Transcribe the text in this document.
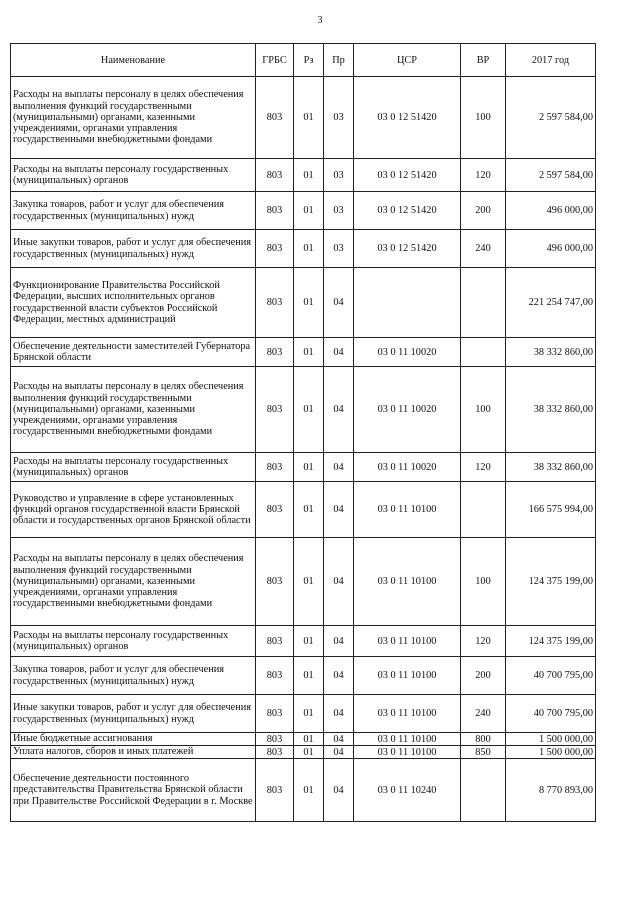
3
Наименование	ГРБС	Рз	Пр	ЦСР	ВР	2017 год
Расходы на выплаты персоналу в целях обеспечения выполнения функций государственными (муниципальными) органами, казенными учреждениями, органами управления государственными внебюджетными фондами	803	01	03	03 0 12 51420	100	2 597 584,00
Расходы на выплаты персоналу государственных (муниципальных) органов	803	01	03	03 0 12 51420	120	2 597 584,00
Закупка товаров, работ и услуг для обеспечения государственных (муниципальных) нужд	803	01	03	03 0 12 51420	200	496 000,00
Иные закупки товаров, работ и услуг для обеспечения государственных (муниципальных) нужд	803	01	03	03 0 12 51420	240	496 000,00
Функционирование Правительства Российской Федерации, высших исполнительных органов государственной власти субъектов Российской Федерации, местных администраций	803	01	04			221 254 747,00
Обеспечение деятельности заместителей Губернатора Брянской области	803	01	04	03 0 11 10020		38 332 860,00
Расходы на выплаты персоналу в целях обеспечения выполнения функций государственными (муниципальными) органами, казенными учреждениями, органами управления государственными внебюджетными фондами	803	01	04	03 0 11 10020	100	38 332 860,00
Расходы на выплаты персоналу государственных (муниципальных) органов	803	01	04	03 0 11 10020	120	38 332 860,00
Руководство и управление в сфере установленных функций органов государственной власти Брянской области и государственных органов Брянской области	803	01	04	03 0 11 10100		166 575 994,00
Расходы на выплаты персоналу в целях обеспечения выполнения функций государственными (муниципальными) органами, казенными учреждениями, органами управления государственными внебюджетными фондами	803	01	04	03 0 11 10100	100	124 375 199,00
Расходы на выплаты персоналу государственных (муниципальных) органов	803	01	04	03 0 11 10100	120	124 375 199,00
Закупка товаров, работ и услуг для обеспечения государственных (муниципальных) нужд	803	01	04	03 0 11 10100	200	40 700 795,00
Иные закупки товаров, работ и услуг для обеспечения государственных (муниципальных) нужд	803	01	04	03 0 11 10100	240	40 700 795,00
Иные бюджетные ассигнования	803	01	04	03 0 11 10100	800	1 500 000,00
Уплата налогов, сборов и иных платежей	803	01	04	03 0 11 10100	850	1 500 000,00
Обеспечение деятельности постоянного представительства Правительства Брянской области при Правительстве Российской Федерации в г. Москве	803	01	04	03 0 11 10240		8 770 893,00
